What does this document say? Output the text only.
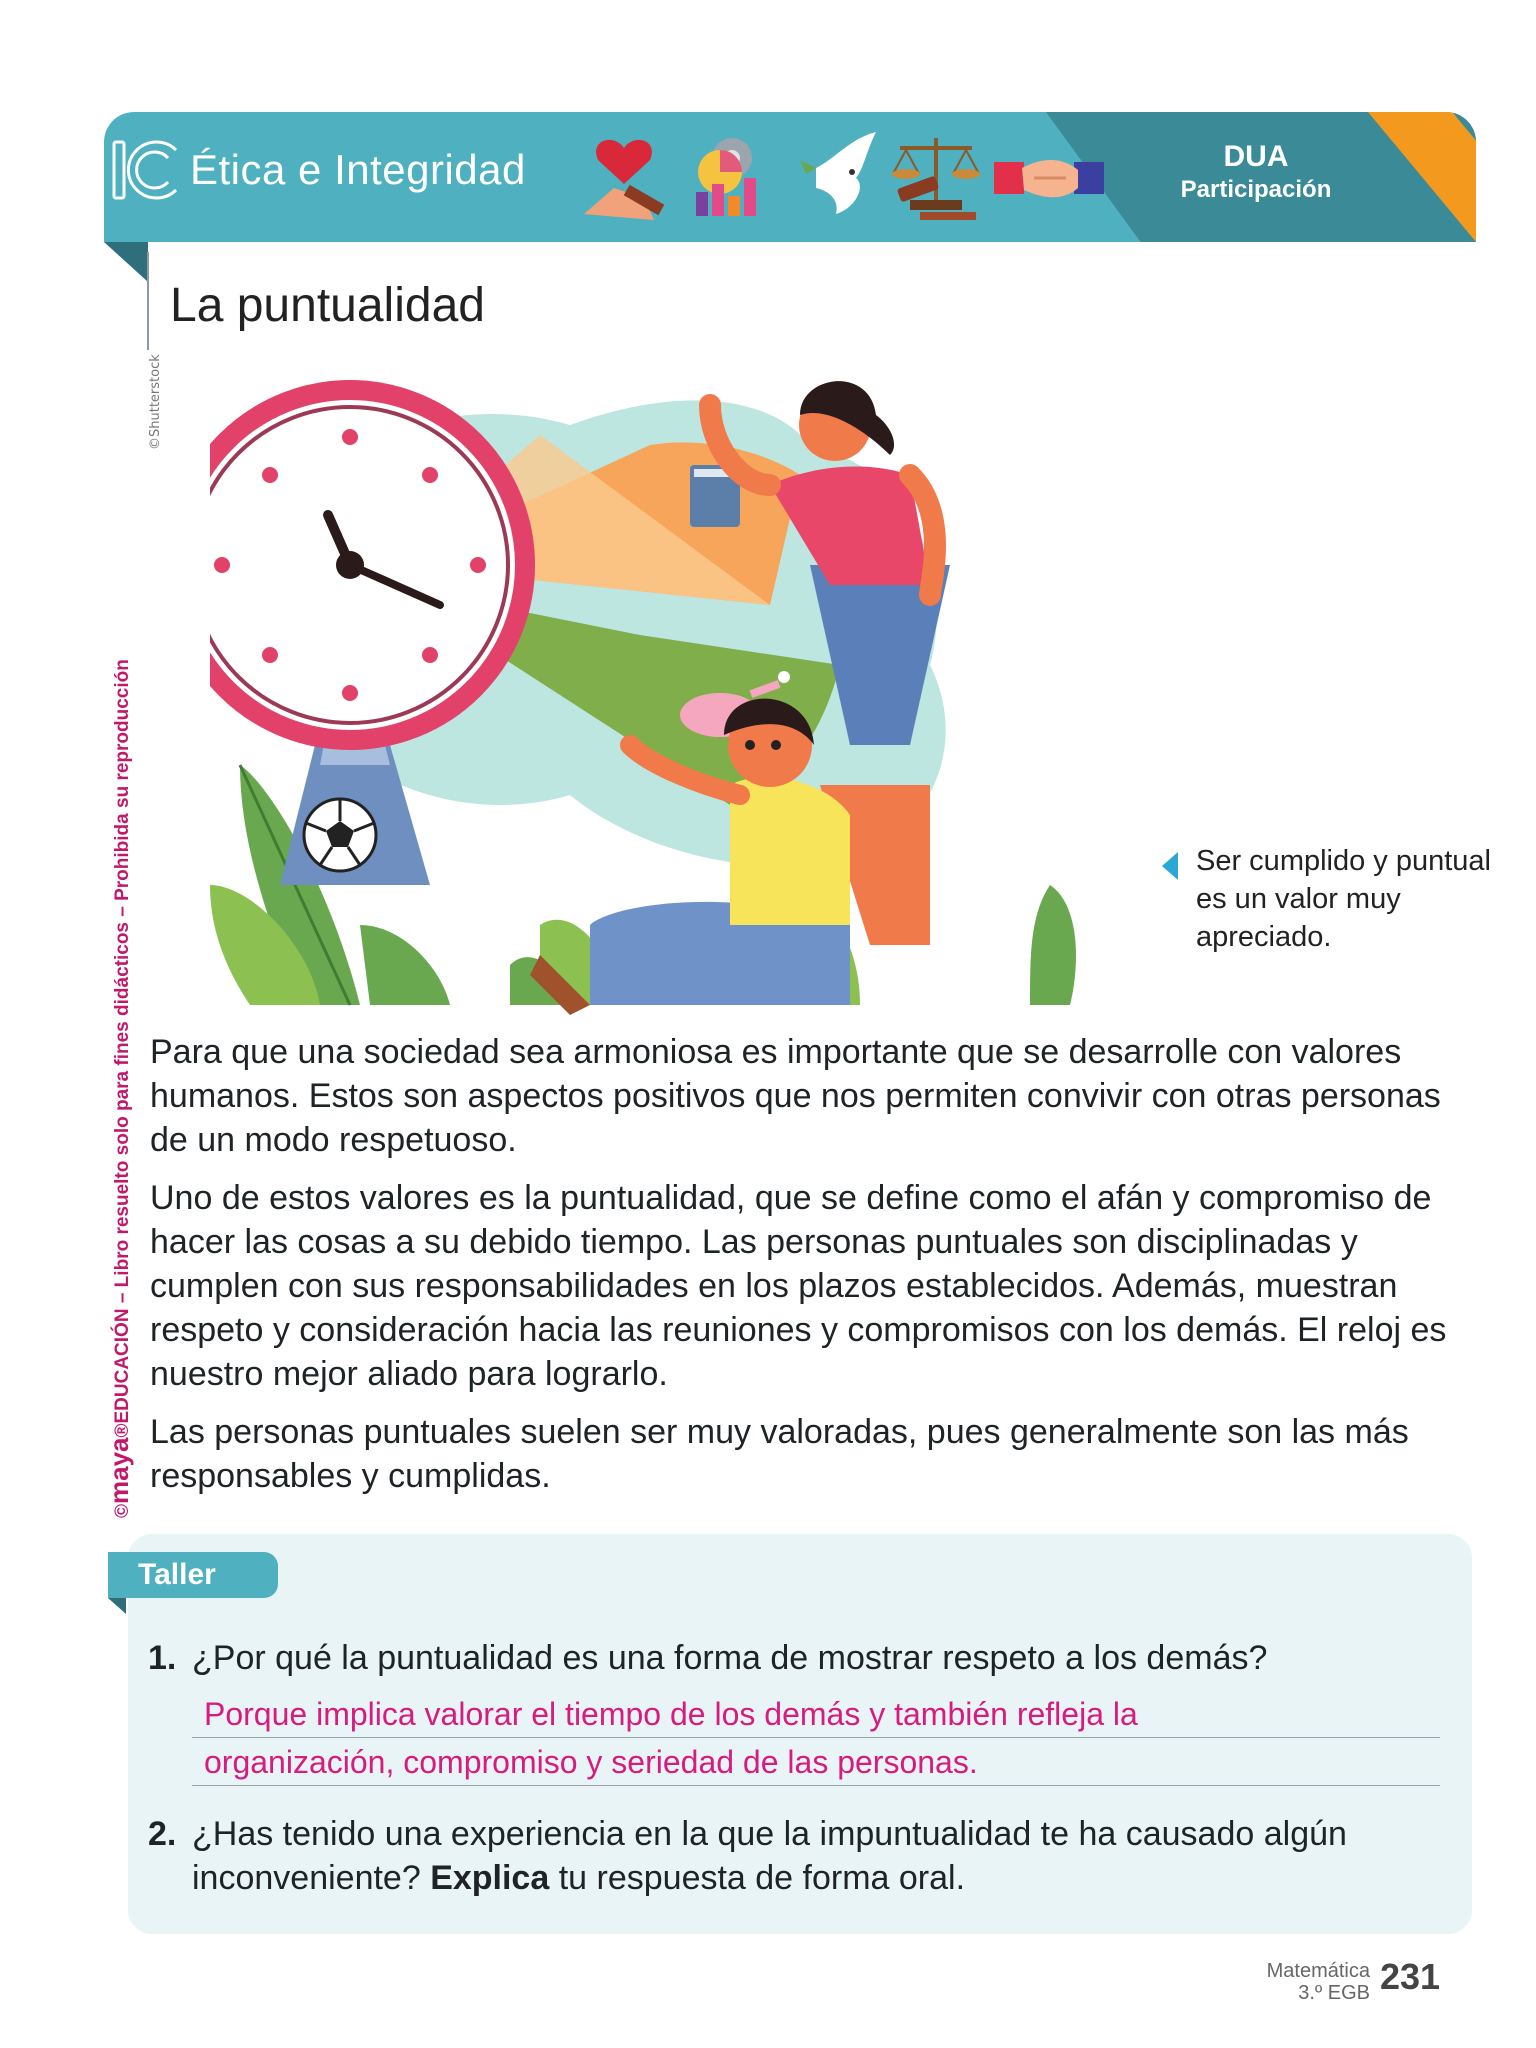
Ética e Integridad	DUA
Participación
La puntualidad
©maya®EDUCACIÓN – Libro resuelto solo para fines didácticos – Prohibida su reproducción
©Shutterstock
Ser cumplido y puntual es un valor muy apreciado.

Para que una sociedad sea armoniosa es importante que se desarrolle con valores humanos. Estos son aspectos positivos que nos permiten convivir con otras personas de un modo respetuoso.

Uno de estos valores es la puntualidad, que se define como el afán y compromiso de hacer las cosas a su debido tiempo. Las personas puntuales son disciplinadas y cumplen con sus responsabilidades en los plazos establecidos. Además, muestran respeto y consideración hacia las reuniones y compromisos con los demás. El reloj es nuestro mejor aliado para lograrlo.

Las personas puntuales suelen ser muy valoradas, pues generalmente son las más responsables y cumplidas.

Taller
1. ¿Por qué la puntualidad es una forma de mostrar respeto a los demás?
Porque implica valorar el tiempo de los demás y también refleja la
organización, compromiso y seriedad de las personas.
2. ¿Has tenido una experiencia en la que la impuntualidad te ha causado algún inconveniente? Explica tu respuesta de forma oral.
Matemática
3.º EGB 231
